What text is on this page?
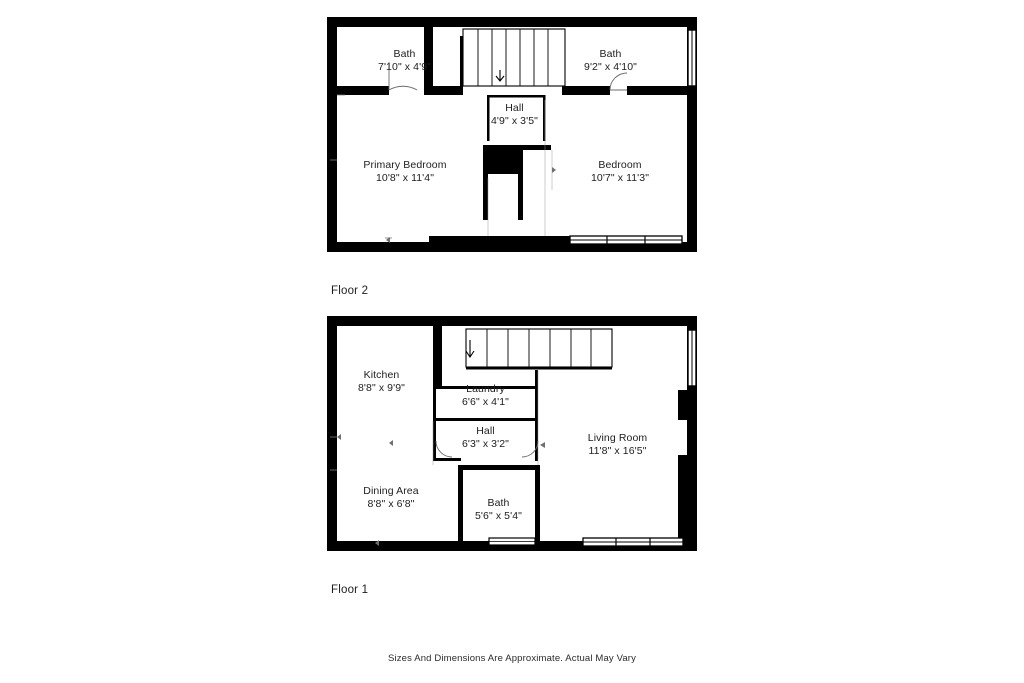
Bath
7'10" x 4'9"
Bath
9'2" x 4'10"
Hall
4'9" x 3'5"
Primary Bedroom
10'8" x 11'4"
Bedroom
10'7" x 11'3"
Floor 2
Kitchen
8'8" x 9'9"	Laundry
6'6" x 4'1"
Hall
6'3" x 3'2"	Living Room
11'8" x 16'5"
Dining Area
8'8" x 6'8"	Bath
5'6" x 5'4"
Floor 1
Sizes And Dimensions Are Approximate. Actual May Vary
